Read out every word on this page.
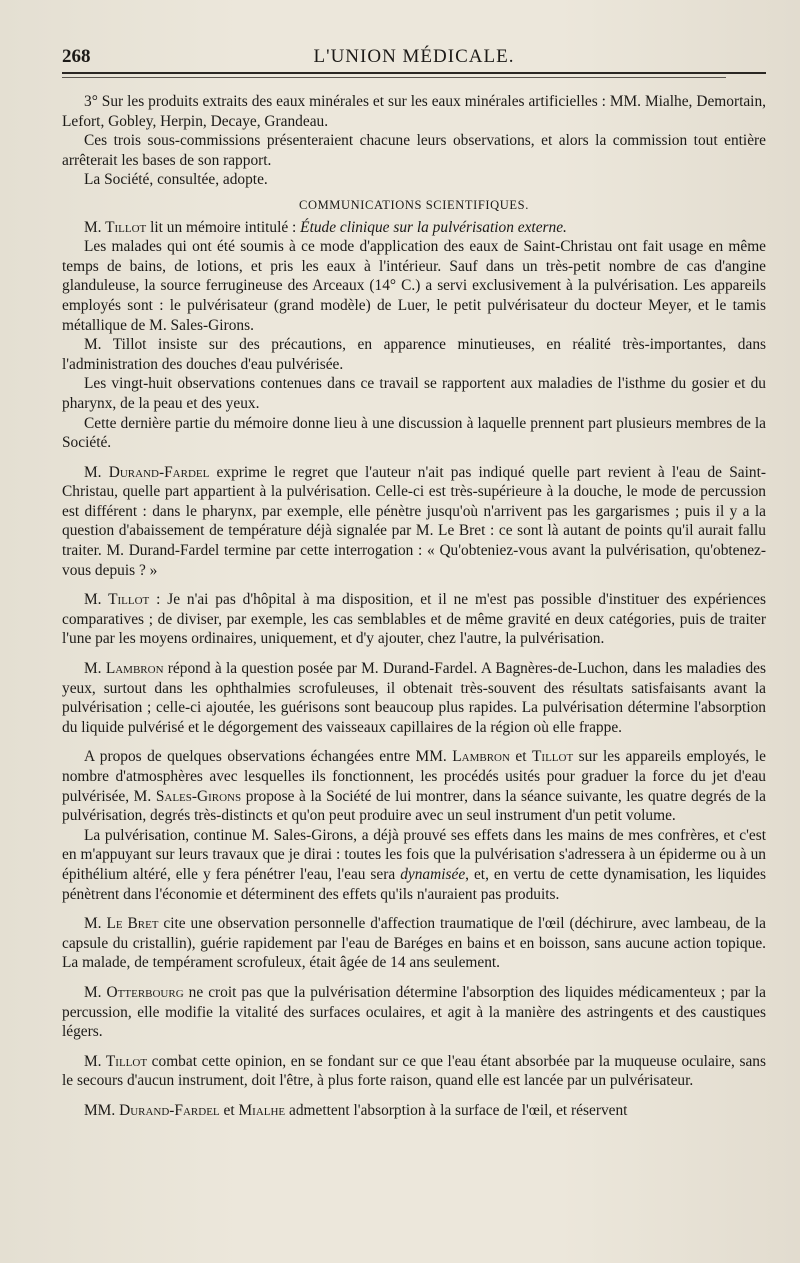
268	L'UNION MÉDICALE.

3° Sur les produits extraits des eaux minérales et sur les eaux minérales artificielles : MM. Mialhe, Demortain, Lefort, Gobley, Herpin, Decaye, Grandeau.

Ces trois sous-commissions présenteraient chacune leurs observations, et alors la commission tout entière arrêterait les bases de son rapport.

La Société, consultée, adopte.

COMMUNICATIONS SCIENTIFIQUES.

M. Tillot lit un mémoire intitulé : Étude clinique sur la pulvérisation externe.

Les malades qui ont été soumis à ce mode d'application des eaux de Saint-Christau ont fait usage en même temps de bains, de lotions, et pris les eaux à l'intérieur. Sauf dans un très-petit nombre de cas d'angine glanduleuse, la source ferrugineuse des Arceaux (14° C.) a servi exclusivement à la pulvérisation. Les appareils employés sont : le pulvérisateur (grand modèle) de Luer, le petit pulvérisateur du docteur Meyer, et le tamis métallique de M. Sales-Girons.

M. Tillot insiste sur des précautions, en apparence minutieuses, en réalité très-importantes, dans l'administration des douches d'eau pulvérisée.

Les vingt-huit observations contenues dans ce travail se rapportent aux maladies de l'isthme du gosier et du pharynx, de la peau et des yeux.

Cette dernière partie du mémoire donne lieu à une discussion à laquelle prennent part plusieurs membres de la Société.

M. Durand-Fardel exprime le regret que l'auteur n'ait pas indiqué quelle part revient à l'eau de Saint-Christau, quelle part appartient à la pulvérisation. Celle-ci est très-supérieure à la douche, le mode de percussion est différent : dans le pharynx, par exemple, elle pénètre jusqu'où n'arrivent pas les gargarismes ; puis il y a la question d'abaissement de température déjà signalée par M. Le Bret : ce sont là autant de points qu'il aurait fallu traiter. M. Durand-Fardel termine par cette interrogation : « Qu'obteniez-vous avant la pulvérisation, qu'obtenez-vous depuis ? »

M. Tillot : Je n'ai pas d'hôpital à ma disposition, et il ne m'est pas possible d'instituer des expériences comparatives ; de diviser, par exemple, les cas semblables et de même gravité en deux catégories, puis de traiter l'une par les moyens ordinaires, uniquement, et d'y ajouter, chez l'autre, la pulvérisation.

M. Lambron répond à la question posée par M. Durand-Fardel. A Bagnères-de-Luchon, dans les maladies des yeux, surtout dans les ophthalmies scrofuleuses, il obtenait très-souvent des résultats satisfaisants avant la pulvérisation ; celle-ci ajoutée, les guérisons sont beaucoup plus rapides. La pulvérisation détermine l'absorption du liquide pulvérisé et le dégorgement des vaisseaux capillaires de la région où elle frappe.

A propos de quelques observations échangées entre MM. Lambron et Tillot sur les appareils employés, le nombre d'atmosphères avec lesquelles ils fonctionnent, les procédés usités pour graduer la force du jet d'eau pulvérisée, M. Sales-Girons propose à la Société de lui montrer, dans la séance suivante, les quatre degrés de la pulvérisation, degrés très-distincts et qu'on peut produire avec un seul instrument d'un petit volume.

La pulvérisation, continue M. Sales-Girons, a déjà prouvé ses effets dans les mains de mes confrères, et c'est en m'appuyant sur leurs travaux que je dirai : toutes les fois que la pulvérisation s'adressera à un épiderme ou à un épithélium altéré, elle y fera pénétrer l'eau, l'eau sera dynamisée, et, en vertu de cette dynamisation, les liquides pénètrent dans l'économie et déterminent des effets qu'ils n'auraient pas produits.

M. Le Bret cite une observation personnelle d'affection traumatique de l'œil (déchirure, avec lambeau, de la capsule du cristallin), guérie rapidement par l'eau de Baréges en bains et en boisson, sans aucune action topique. La malade, de tempérament scrofuleux, était âgée de 14 ans seulement.

M. Otterbourg ne croit pas que la pulvérisation détermine l'absorption des liquides médicamenteux ; par la percussion, elle modifie la vitalité des surfaces oculaires, et agit à la manière des astringents et des caustiques légers.

M. Tillot combat cette opinion, en se fondant sur ce que l'eau étant absorbée par la muqueuse oculaire, sans le secours d'aucun instrument, doit l'être, à plus forte raison, quand elle est lancée par un pulvérisateur.

MM. Durand-Fardel et Mialhe admettent l'absorption à la surface de l'œil, et réservent
